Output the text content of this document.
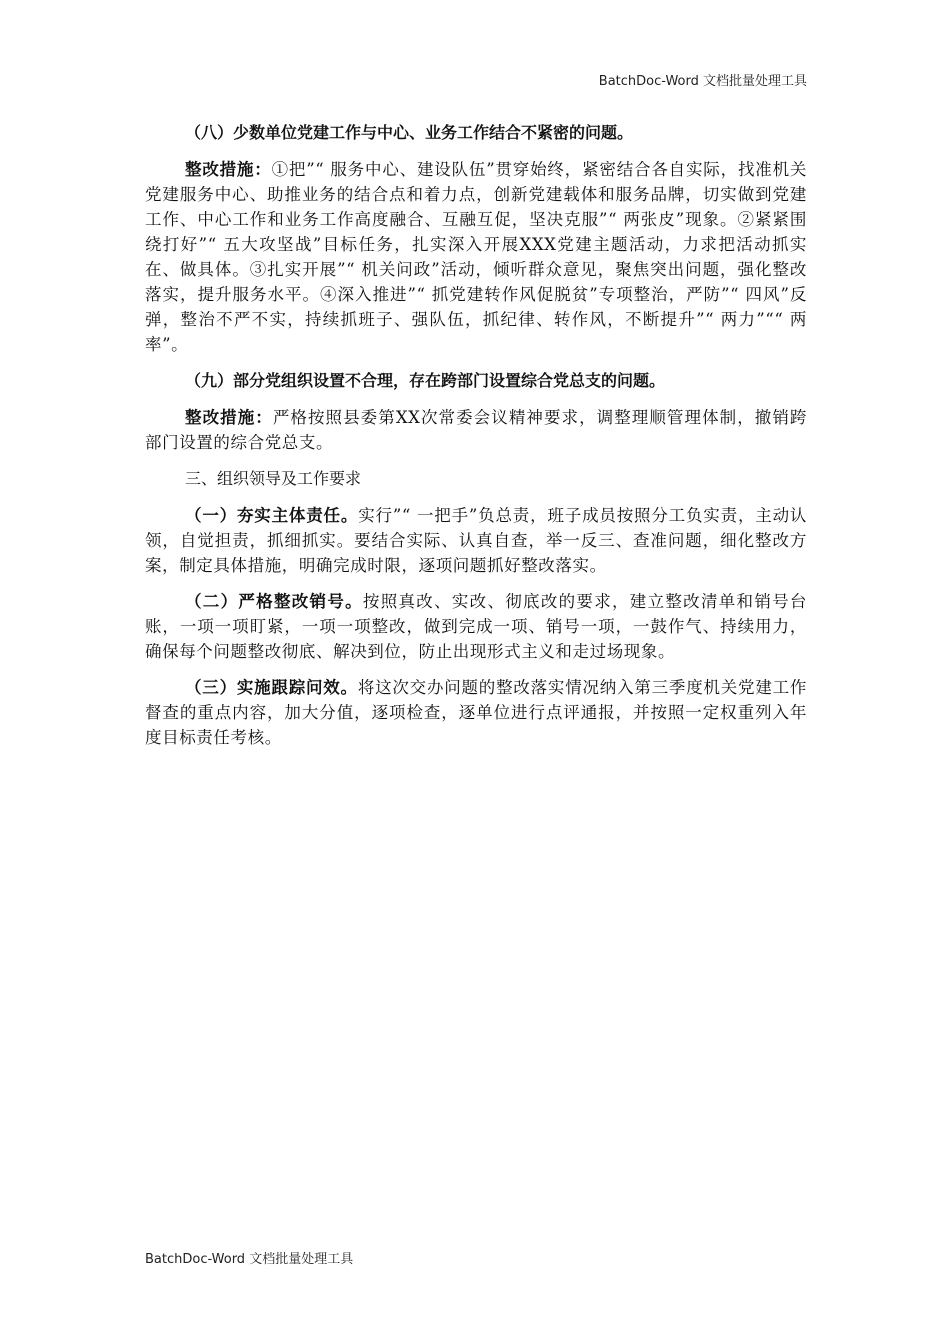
BatchDoc-Word 文档批量处理工具

（八）少数单位党建工作与中心、业务工作结合不紧密的问题。

整改措施：①把”“ 服务中心、建设队伍”贯穿始终，紧密结合各自实际，找准机关党建服务中心、助推业务的结合点和着力点，创新党建载体和服务品牌，切实做到党建工作、中心工作和业务工作高度融合、互融互促，坚决克服”“ 两张皮”现象。②紧紧围绕打好”“ 五大攻坚战”目标任务，扎实深入开展XXX党建主题活动，力求把活动抓实在、做具体。③扎实开展”“ 机关问政”活动，倾听群众意见，聚焦突出问题，强化整改落实，提升服务水平。④深入推进”“ 抓党建转作风促脱贫”专项整治，严防”“ 四风”反弹，整治不严不实，持续抓班子、强队伍，抓纪律、转作风，不断提升”“ 两力”““ 两率”。

（九）部分党组织设置不合理，存在跨部门设置综合党总支的问题。

整改措施：严格按照县委第XX次常委会议精神要求，调整理顺管理体制，撤销跨部门设置的综合党总支。

三、组织领导及工作要求

（一）夯实主体责任。实行”“ 一把手”负总责，班子成员按照分工负实责，主动认领，自觉担责，抓细抓实。要结合实际、认真自查，举一反三、查准问题，细化整改方案，制定具体措施，明确完成时限，逐项问题抓好整改落实。

（二）严格整改销号。按照真改、实改、彻底改的要求，建立整改清单和销号台账，一项一项盯紧，一项一项整改，做到完成一项、销号一项，一鼓作气、持续用力，确保每个问题整改彻底、解决到位，防止出现形式主义和走过场现象。

（三）实施跟踪问效。将这次交办问题的整改落实情况纳入第三季度机关党建工作督查的重点内容，加大分值，逐项检查，逐单位进行点评通报，并按照一定权重列入年度目标责任考核。

BatchDoc-Word 文档批量处理工具
